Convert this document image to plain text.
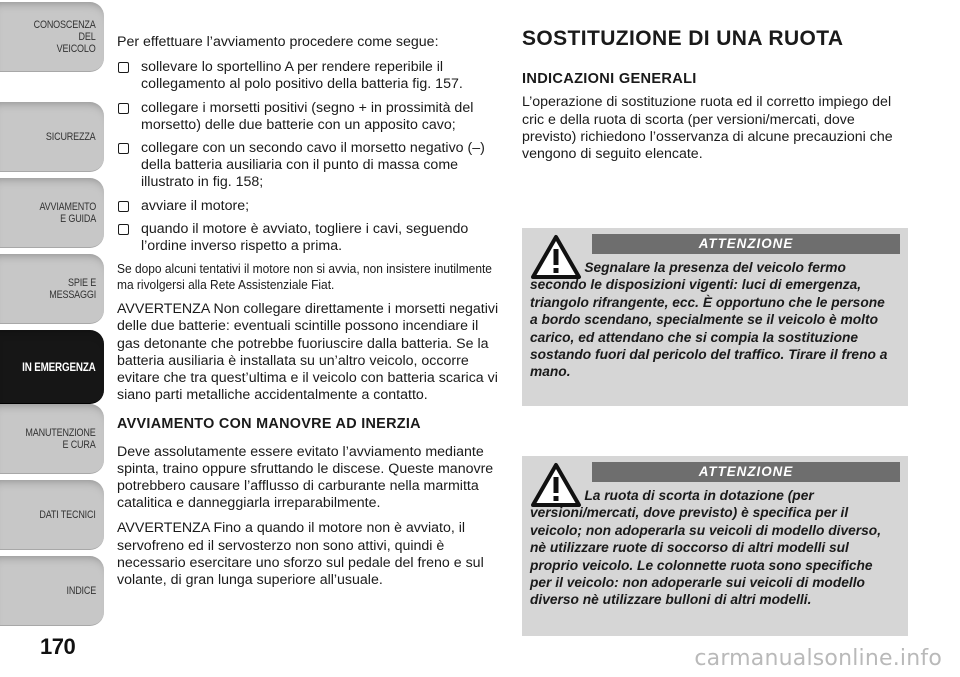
CONOSCENZA
DEL
VEICOLO
SICUREZZA
AVVIAMENTO
E GUIDA
SPIE E
MESSAGGI
IN EMERGENZA
MANUTENZIONE
E CURA
DATI TECNICI
INDICE
170

Per effettuare l’avviamento procedere come segue:

sollevare lo sportellino A per rendere reperibile il collegamento al polo positivo della batteria fig. 157.
collegare i morsetti positivi (segno + in prossimità del morsetto) delle due batterie con un apposito cavo;
collegare con un secondo cavo il morsetto negativo (–) della batteria ausiliaria con il punto di massa come illustrato in fig. 158;
avviare il motore;
quando il motore è avviato, togliere i cavi, seguendo l’ordine inverso rispetto a prima.

Se dopo alcuni tentativi il motore non si avvia, non insistere inutilmente ma rivolgersi alla Rete Assistenziale Fiat.

AVVERTENZA Non collegare direttamente i morsetti negativi delle due batterie: eventuali scintille possono incendiare il gas detonante che potrebbe fuoriuscire dalla batteria. Se la batteria ausiliaria è installata su un’altro veicolo, occorre evitare che tra quest’ultima e il veicolo con batteria scarica vi siano parti metalliche accidentalmente a contatto.

AVVIAMENTO CON MANOVRE AD INERZIA

Deve assolutamente essere evitato l’avviamento mediante spinta, traino oppure sfruttando le discese. Queste manovre potrebbero causare l’afflusso di carburante nella marmitta catalitica e danneggiarla irreparabilmente.

AVVERTENZA Fino a quando il motore non è avviato, il servofreno ed il servosterzo non sono attivi, quindi è necessario esercitare uno sforzo sul pedale del freno e sul volante, di gran lunga superiore all’usuale.

SOSTITUZIONE DI UNA RUOTA
INDICAZIONI GENERALI

L’operazione di sostituzione ruota ed il corretto impiego del cric e della ruota di scorta (per versioni/mercati, dove previsto) richiedono l’osservanza di alcune precauzioni che vengono di seguito elencate.

ATTENZIONE
Segnalare la presenza del veicolo fermo secondo le disposizioni vigenti: luci di emergenza, triangolo rifrangente, ecc. È opportuno che le persone a bordo scendano, specialmente se il veicolo è molto carico, ed attendano che si compia la sostituzione sostando fuori dal pericolo del traffico. Tirare il freno a mano.
ATTENZIONE
La ruota di scorta in dotazione (per versioni/mercati, dove previsto) è specifica per il veicolo; non adoperarla su veicoli di modello diverso, nè utilizzare ruote di soccorso di altri modelli sul proprio veicolo. Le colonnette ruota sono specifiche per il veicolo: non adoperarle sui veicoli di modello diverso nè utilizzare bulloni di altri modelli.
carmanualsonline.info
